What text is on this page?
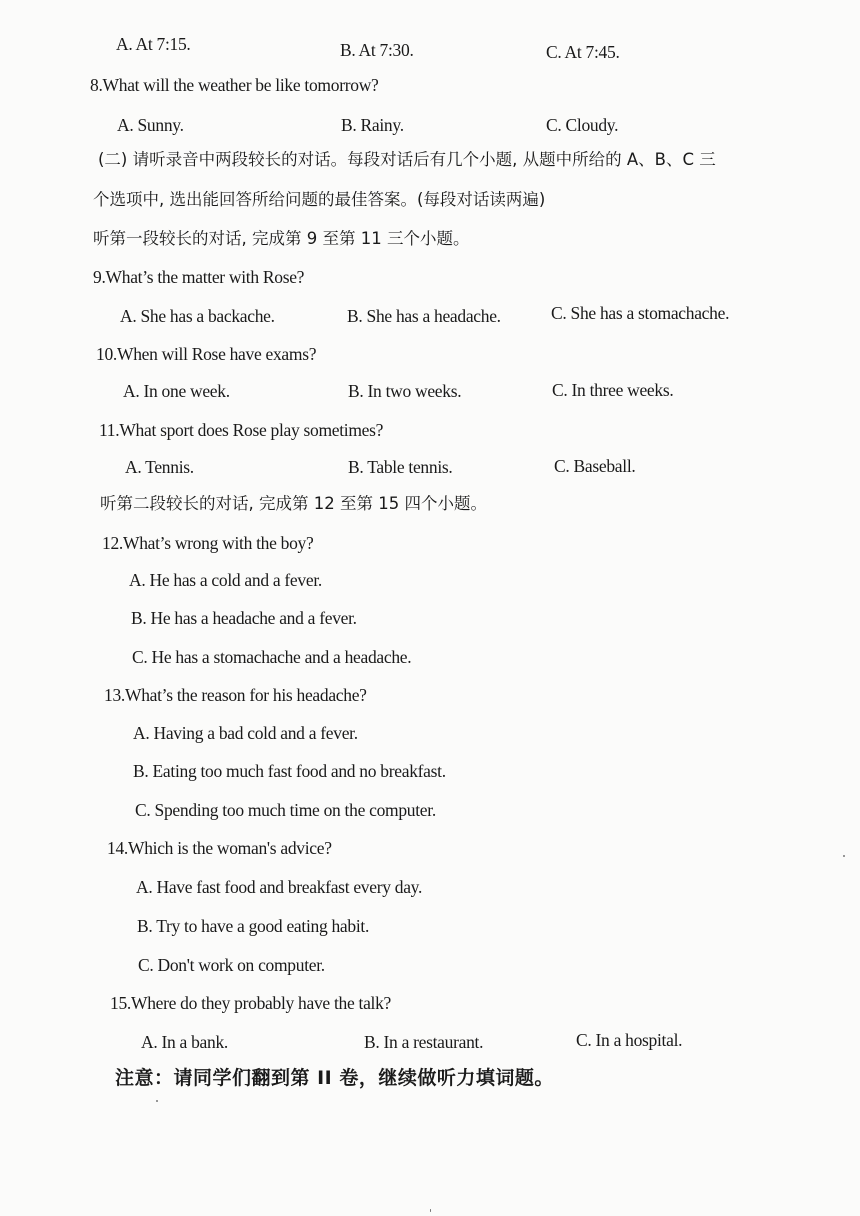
A. At 7:15.	B. At 7:30.	C. At 7:45.
8.What will the weather be like tomorrow?
A. Sunny.	B. Rainy.	C. Cloudy.
(二) 请听录音中两段较长的对话。每段对话后有几个小题, 从题中所给的 A、B、C 三
个选项中, 选出能回答所给问题的最佳答案。(每段对话读两遍)
听第一段较长的对话, 完成第 9 至第 11 三个小题。
9.What’s the matter with Rose?
A. She has a backache.	B. She has a headache.	C. She has a stomachache.
10.When will Rose have exams?
A. In one week.	B. In two weeks.	C. In three weeks.
11.What sport does Rose play sometimes?
A. Tennis.	B. Table tennis.	C. Baseball.
听第二段较长的对话, 完成第 12 至第 15 四个小题。
12.What’s wrong with the boy?
A. He has a cold and a fever.
B. He has a headache and a fever.
C. He has a stomachache and a headache.
13.What’s the reason for his headache?
A. Having a bad cold and a fever.
B. Eating too much fast food and no breakfast.
C. Spending too much time on the computer.
14.Which is the woman's advice?
A. Have fast food and breakfast every day.
B. Try to have a good eating habit.
C. Don't work on computer.
15.Where do they probably have the talk?
A. In a bank.	B. In a restaurant.	C. In a hospital.
注意：请同学们翻到第 II 卷，继续做听力填词题。
